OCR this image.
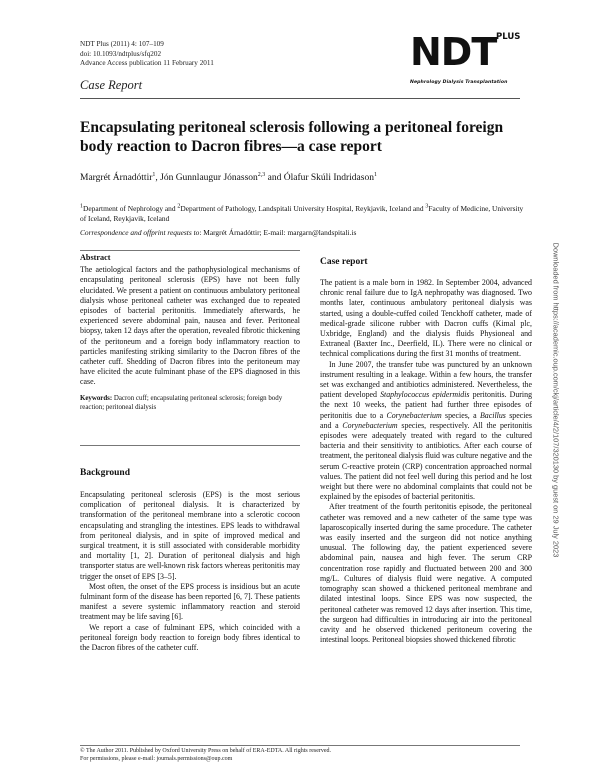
NDT Plus (2011) 4: 107–109
doi: 10.1093/ndtplus/sfq202
Advance Access publication 11 February 2011	NDT PLUS
Nephrology Dialysis Transplantation
Case Report
Encapsulating peritoneal sclerosis following a peritoneal foreign body reaction to Dacron fibres—a case report
Margrét Árnadóttir$^1$, Jón Gunnlaugur Jónasson$^{2,3}$ and Ólafur Skúli Indridason$^1$
$^1$Department of Nephrology and $^2$Department of Pathology, Landspitali University Hospital, Reykjavik, Iceland and $^3$Faculty of Medicine, University of Iceland, Reykjavik, Iceland
Correspondence and offprint requests to: Margrét Árnadóttir; E-mail: margarn@landspitali.is
Abstract

The aetiological factors and the pathophysiological mechanisms of encapsulating peritoneal sclerosis (EPS) have not been fully elucidated. We present a patient on continuous ambulatory peritoneal dialysis whose peritoneal catheter was exchanged due to repeated episodes of bacterial peritonitis. Immediately afterwards, he experienced severe abdominal pain, nausea and fever. Peritoneal biopsy, taken 12 days after the operation, revealed fibrotic thickening of the peritoneum and a foreign body inflammatory reaction to particles manifesting striking similarity to the Dacron fibres of the catheter cuff. Shedding of Dacron fibres into the peritoneum may have elicited the acute fulminant phase of the EPS diagnosed in this case.

Keywords: Dacron cuff; encapsulating peritoneal sclerosis; foreign body reaction; peritoneal dialysis
Background

Encapsulating peritoneal sclerosis (EPS) is the most serious complication of peritoneal dialysis. It is characterized by transformation of the peritoneal membrane into a sclerotic cocoon encapsulating and strangling the intestines. EPS leads to withdrawal from peritoneal dialysis, and in spite of improved medical and surgical treatment, it is still associated with considerable morbidity and mortality [1, 2]. Duration of peritoneal dialysis and high transporter status are well-known risk factors whereas peritonitis may trigger the onset of EPS [3–5].

Most often, the onset of the EPS process is insidious but an acute fulminant form of the disease has been reported [6, 7]. These patients manifest a severe systemic inflammatory reaction and steroid treatment may be life saving [6].

We report a case of fulminant EPS, which coincided with a peritoneal foreign body reaction to foreign body fibres identical to the Dacron fibres of the catheter cuff.

Case report

The patient is a male born in 1982. In September 2004, advanced chronic renal failure due to IgA nephropathy was diagnosed. Two months later, continuous ambulatory peritoneal dialysis was started, using a double-cuffed coiled Tenckhoff catheter, made of medical-grade silicone rubber with Dacron cuffs (Kimal plc, Uxbridge, England) and the dialysis fluids Physioneal and Extraneal (Baxter Inc., Deerfield, IL). There were no clinical or technical complications during the first 31 months of treatment.

In June 2007, the transfer tube was punctured by an unknown instrument resulting in a leakage. Within a few hours, the transfer set was exchanged and antibiotics administered. Nevertheless, the patient developed Staphylococcus epidermidis peritonitis. During the next 10 weeks, the patient had further three episodes of peritonitis due to a Corynebacterium species, a Bacillus species and a Corynebacterium species, respectively. All the peritonitis episodes were adequately treated with regard to the cultured bacteria and their sensitivity to antibiotics. After each course of treatment, the peritoneal dialysis fluid was culture negative and the serum C-reactive protein (CRP) concentration approached normal values. The patient did not feel well during this period and he lost weight but there were no abdominal complaints that could not be explained by the episodes of bacterial peritonitis.

After treatment of the fourth peritonitis episode, the peritoneal catheter was removed and a new catheter of the same type was laparoscopically inserted during the same procedure. The catheter was easily inserted and the surgeon did not notice anything unusual. The following day, the patient experienced severe abdominal pain, nausea and high fever. The serum CRP concentration rose rapidly and fluctuated between 200 and 300 mg/L. Cultures of dialysis fluid were negative. A computed tomography scan showed a thickened peritoneal membrane and dilated intestinal loops. Since EPS was now suspected, the peritoneal catheter was removed 12 days after insertion. This time, the surgeon had difficulties in introducing air into the peritoneal cavity and he observed thickened peritoneum covering the intestinal loops. Peritoneal biopsies showed thickened fibrotic

© The Author 2011. Published by Oxford University Press on behalf of ERA-EDTA. All rights reserved.
For permissions, please e-mail: journals.permissions@oup.com
Downloaded from https://academic.oup.com/ckj/article/4/2/107/320130 by guest on 29 July 2023
